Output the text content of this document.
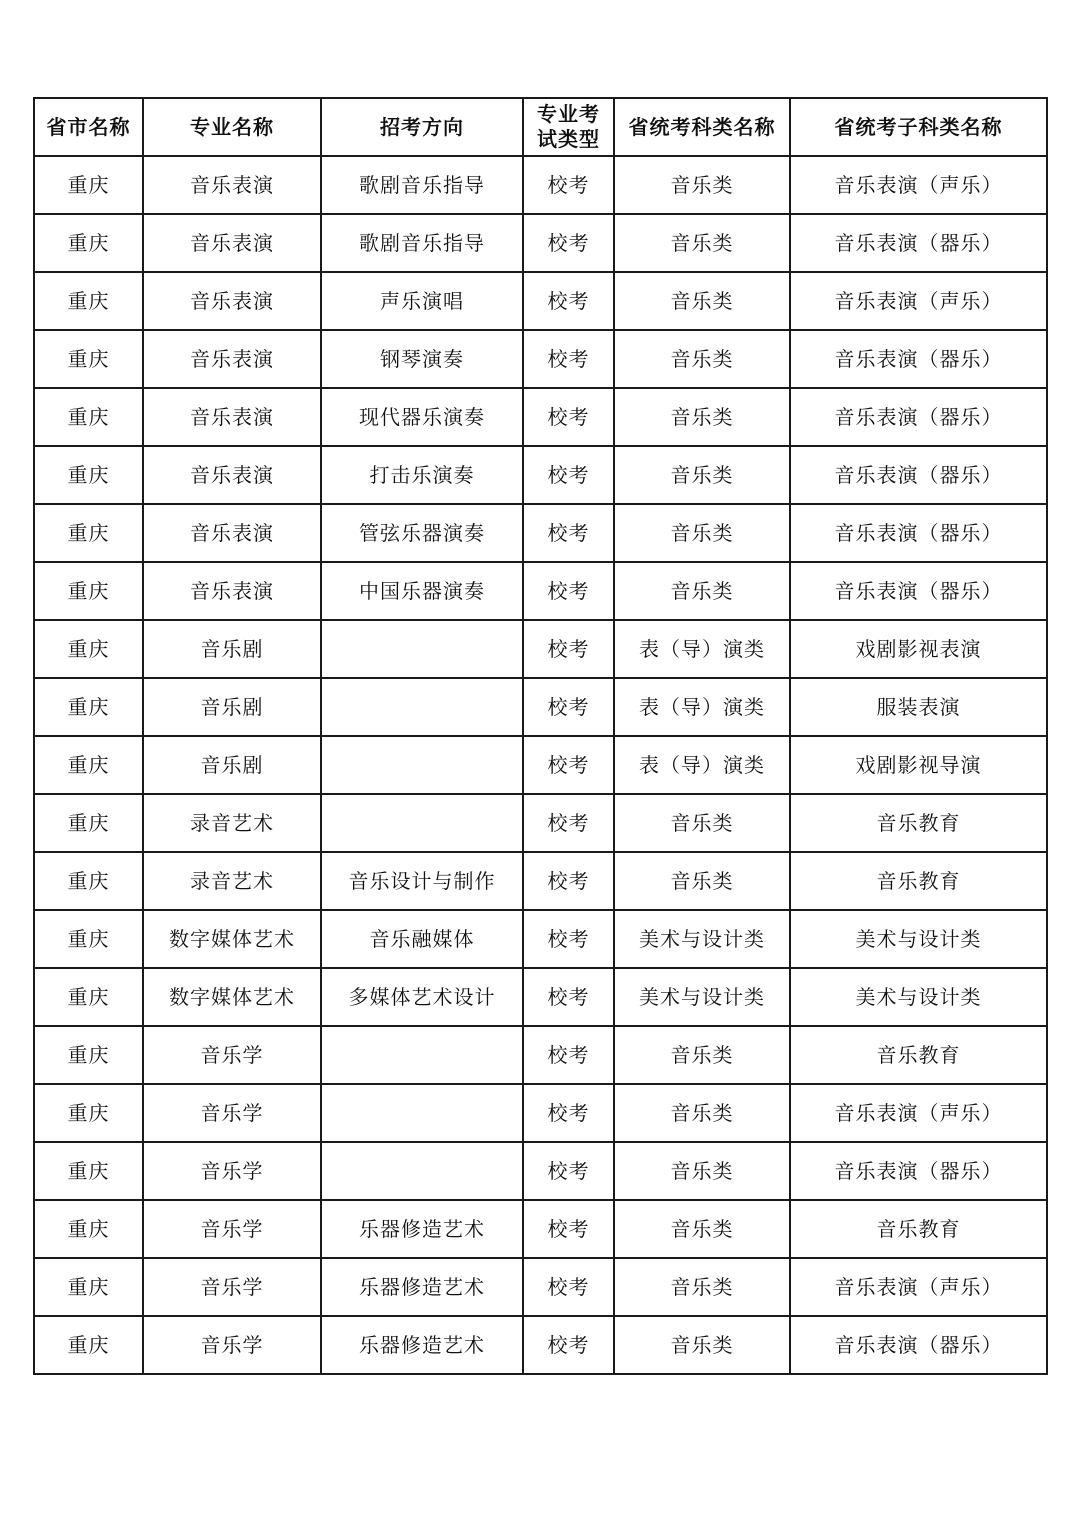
省市名称	专业名称	招考方向	专业考试类型	省统考科类名称	省统考子科类名称
重庆	音乐表演	歌剧音乐指导	校考	音乐类	音乐表演（声乐）
重庆	音乐表演	歌剧音乐指导	校考	音乐类	音乐表演（器乐）
重庆	音乐表演	声乐演唱	校考	音乐类	音乐表演（声乐）
重庆	音乐表演	钢琴演奏	校考	音乐类	音乐表演（器乐）
重庆	音乐表演	现代器乐演奏	校考	音乐类	音乐表演（器乐）
重庆	音乐表演	打击乐演奏	校考	音乐类	音乐表演（器乐）
重庆	音乐表演	管弦乐器演奏	校考	音乐类	音乐表演（器乐）
重庆	音乐表演	中国乐器演奏	校考	音乐类	音乐表演（器乐）
重庆	音乐剧		校考	表（导）演类	戏剧影视表演
重庆	音乐剧		校考	表（导）演类	服装表演
重庆	音乐剧		校考	表（导）演类	戏剧影视导演
重庆	录音艺术		校考	音乐类	音乐教育
重庆	录音艺术	音乐设计与制作	校考	音乐类	音乐教育
重庆	数字媒体艺术	音乐融媒体	校考	美术与设计类	美术与设计类
重庆	数字媒体艺术	多媒体艺术设计	校考	美术与设计类	美术与设计类
重庆	音乐学		校考	音乐类	音乐教育
重庆	音乐学		校考	音乐类	音乐表演（声乐）
重庆	音乐学		校考	音乐类	音乐表演（器乐）
重庆	音乐学	乐器修造艺术	校考	音乐类	音乐教育
重庆	音乐学	乐器修造艺术	校考	音乐类	音乐表演（声乐）
重庆	音乐学	乐器修造艺术	校考	音乐类	音乐表演（器乐）
